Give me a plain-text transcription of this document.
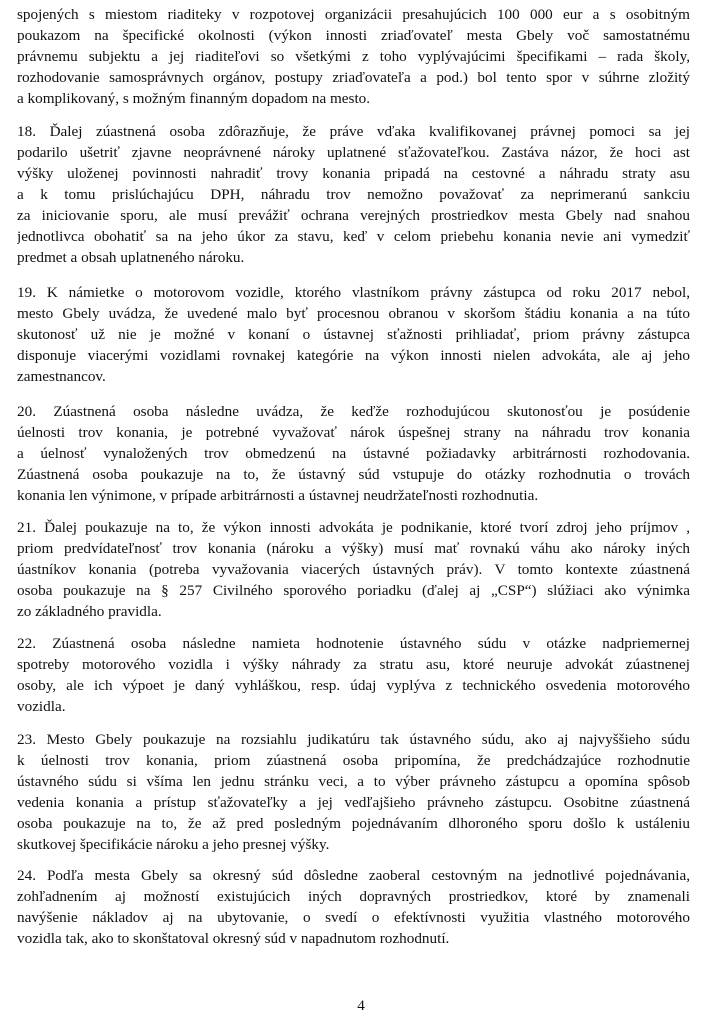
spojených s miestom riaditeky v rozpotovej organizácii presahujúcich 100 000 eur a s osobitným
poukazom na špecifické okolnosti (výkon innosti zriaďovateľ mesta Gbely voč samostatnému
právnemu subjektu a jej riaditeľovi so všetkými z toho vyplývajúcimi špecifikami – rada školy,
rozhodovanie samosprávnych orgánov, postupy zriaďovateľa a pod.) bol tento spor v súhrne zložitý
a komplikovaný, s možným finanným dopadom na mesto.
18. Ďalej zúastnená osoba zdôrazňuje, že práve vďaka kvalifikovanej právnej pomoci sa jej
podarilo ušetriť zjavne neoprávnené nároky uplatnené sťažovateľkou. Zastáva názor, že hoci ast
výšky uloženej povinnosti nahradiť trovy konania pripadá na cestovné a náhradu straty asu
a k tomu prislúchajúcu DPH, náhradu trov nemožno považovať za neprimeranú sankciu
za iniciovanie sporu, ale musí prevážiť ochrana verejných prostriedkov mesta Gbely nad snahou
jednotlivca obohatiť sa na jeho úkor za stavu, keď v celom priebehu konania nevie ani vymedziť
predmet a obsah uplatneného nároku.
19. K námietke o motorovom vozidle, ktorého vlastníkom právny zástupca od roku 2017 nebol,
mesto Gbely uvádza, že uvedené malo byť procesnou obranou v skoršom štádiu konania a na túto
skutonosť už nie je možné v konaní o ústavnej sťažnosti prihliadať, priom právny zástupca
disponuje viacerými vozidlami rovnakej kategórie na výkon innosti nielen advokáta, ale aj jeho
zamestnancov.
20. Zúastnená osoba následne uvádza, že keďže rozhodujúcou skutonosťou je posúdenie
úelnosti trov konania, je potrebné vyvažovať nárok úspešnej strany na náhradu trov konania
a úelnosť vynaložených trov obmedzenú na ústavné požiadavky arbitrárnosti rozhodovania.
Zúastnená osoba poukazuje na to, že ústavný súd vstupuje do otázky rozhodnutia o trovách
konania len výnimone, v prípade arbitrárnosti a ústavnej neudržateľnosti rozhodnutia.
21. Ďalej poukazuje na to, že výkon innosti advokáta je podnikanie, ktoré tvorí zdroj jeho príjmov ,
priom predvídateľnosť trov konania (nároku a výšky) musí mať rovnakú váhu ako nároky iných
úastníkov konania (potreba vyvažovania viacerých ústavných práv). V tomto kontexte zúastnená
osoba poukazuje na § 257 Civilného sporového poriadku (ďalej aj „CSP“) slúžiaci ako výnimka
zo základného pravidla.
22. Zúastnená osoba následne namieta hodnotenie ústavného súdu v otázke nadpriemernej
spotreby motorového vozidla i výšky náhrady za stratu asu, ktoré neuruje advokát zúastnenej
osoby, ale ich výpoet je daný vyhláškou, resp. údaj vyplýva z technického osvedenia motorového
vozidla.
23. Mesto Gbely poukazuje na rozsiahlu judikatúru tak ústavného súdu, ako aj najvyššieho súdu
k úelnosti trov konania, priom zúastnená osoba pripomína, že predchádzajúce rozhodnutie
ústavného súdu si všíma len jednu stránku veci, a to výber právneho zástupcu a opomína spôsob
vedenia konania a prístup sťažovateľky a jej vedľajšieho právneho zástupcu. Osobitne zúastnená
osoba poukazuje na to, že až pred posledným pojednávaním dlhoroného sporu došlo k ustáleniu
skutkovej špecifikácie nároku a jeho presnej výšky.
24. Podľa mesta Gbely sa okresný súd dôsledne zaoberal cestovným na jednotlivé pojednávania,
zohľadnením aj možností existujúcich iných dopravných prostriedkov, ktoré by znamenali
navýšenie nákladov aj na ubytovanie, o svedí o efektívnosti využitia vlastného motorového
vozidla tak, ako to skonštatoval okresný súd v napadnutom rozhodnutí.
4
